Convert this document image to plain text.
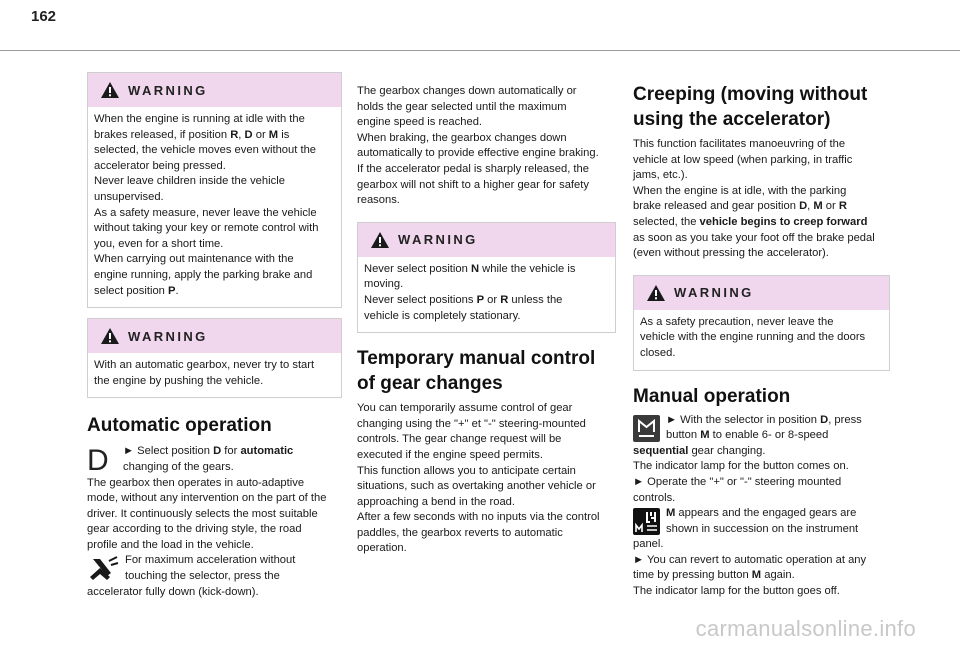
162
WARNING

When the engine is running at idle with the

brakes released, if position R, D or M is

selected, the vehicle moves even without the

accelerator being pressed.

Never leave children inside the vehicle

unsupervised.

As a safety measure, never leave the vehicle

without taking your key or remote control with

you, even for a short time.

When carrying out maintenance with the

engine running, apply the parking brake and

select position P.

WARNING

With an automatic gearbox, never try to start

the engine by pushing the vehicle.

Automatic operation
D	► Select position D for automatic

changing of the gears.

The gearbox then operates in auto-adaptive

mode, without any intervention on the part of the

driver. It continuously selects the most suitable

gear according to the driving style, the road

profile and the load in the vehicle.

For maximum acceleration without

touching the selector, press the

accelerator fully down (kick-down).

The gearbox changes down automatically or

holds the gear selected until the maximum

engine speed is reached.

When braking, the gearbox changes down

automatically to provide effective engine braking.

If the accelerator pedal is sharply released, the

gearbox will not shift to a higher gear for safety

reasons.

WARNING

Never select position N while the vehicle is

moving.

Never select positions P or R unless the

vehicle is completely stationary.

Temporary manual control
of gear changes

You can temporarily assume control of gear

changing using the "+" et "-" steering-mounted

controls. The gear change request will be

executed if the engine speed permits.

This function allows you to anticipate certain

situations, such as overtaking another vehicle or

approaching a bend in the road.

After a few seconds with no inputs via the control

paddles, the gearbox reverts to automatic

operation.

Creeping (moving without
using the accelerator)

This function facilitates manoeuvring of the

vehicle at low speed (when parking, in traffic

jams, etc.).

When the engine is at idle, with the parking

brake released and gear position D, M or R

selected, the vehicle begins to creep forward

as soon as you take your foot off the brake pedal

(even without pressing the accelerator).

WARNING

As a safety precaution, never leave the

vehicle with the engine running and the doors

closed.

Manual operation

► With the selector in position D, press

button M to enable 6- or 8-speed

sequential gear changing.

The indicator lamp for the button comes on.

► Operate the "+" or "-" steering mounted

controls.

M appears and the engaged gears are

shown in succession on the instrument

panel.

► You can revert to automatic operation at any

time by pressing button M again.

The indicator lamp for the button goes off.

carmanualsonline.info
